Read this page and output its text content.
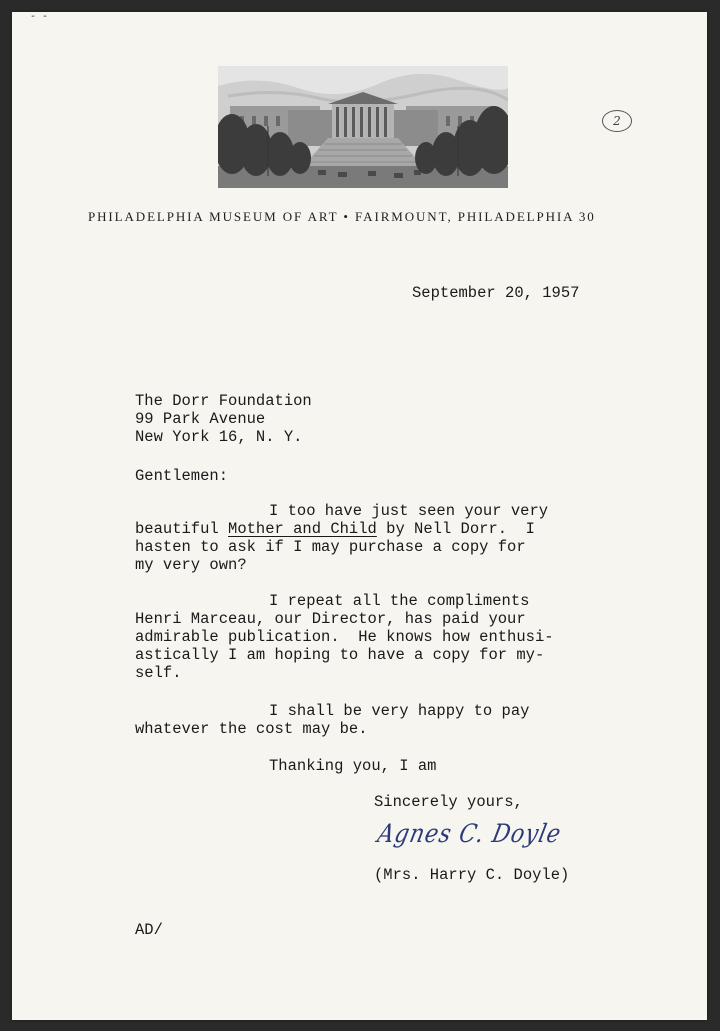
- -
2
PHILADELPHIA MUSEUM OF ART • FAIRMOUNT, PHILADELPHIA 30
September 20, 1957
The Dorr Foundation
99 Park Avenue
New York 16, N. Y.
Gentlemen:
I too have just seen your very
beautiful Mother and Child by Nell Dorr.  I
hasten to ask if I may purchase a copy for
my very own?
I repeat all the compliments
Henri Marceau, our Director, has paid your
admirable publication.  He knows how enthusi-
astically I am hoping to have a copy for my-
self.
I shall be very happy to pay
whatever the cost may be.
Thanking you, I am
Sincerely yours,
Agnes C. Doyle
(Mrs. Harry C. Doyle)
AD/
